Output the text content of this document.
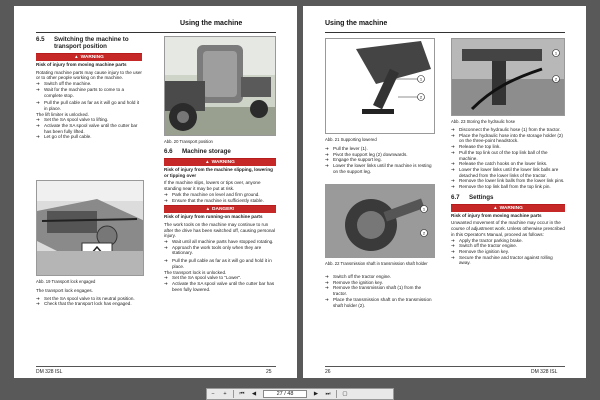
Using the machine
6.5	Switching the machine to
transport position
▲ WARNING
Risk of injury from moving machine parts
Rotating machine parts may cause injury to the user or to other people working on the machine.
➔ Switch off the machine.
➔ Wait for the machine parts to come to a complete stop.
➔ Pull the pull cable as far as it will go and hold it in place.
The lift limiter is unlocked.
➔ Set the SA spool valve to lifting.
➔ Activate the SA spool valve until the cutter bar has been fully lifted.
➔ Let go of the pull cable.
Abb. 19 Transport lock engaged
The transport lock engages.
➔ Set the SA spool valve to its neutral position.
➔ Check that the transport lock has engaged.
Abb. 20 Transport position
6.6	Machine storage
▲ WARNING
Risk of injury from the machine slipping, lowering or tipping over
If the machine slips, lowers or tips over, anyone standing near it may be put at risk.
➔ Park the machine on level and firm ground.
➔ Ensure that the machine is sufficiently stable.
▲ DANGER!
Risk of injury from running-on machine parts
The work tools on the machine may continue to run after the drive has been switched off, causing personal injury.
➔ Wait until all machine parts have stopped rotating.
➔ Approach the work tools only when they are stationary.
➔ Pull the pull cable as far as it will go and hold it in place.
The transport lock is unlocked.
➔ Set the SA spool valve to "Lower".
➔ Activate the SA spool valve until the cutter bar has been fully lowered.
DM 328 ISL	25
Using the machine
1
2
Abb. 21 Supporting lowered
➔ Pull the lever (1).
➔ Pivot the support leg (2) downwards.
➔ Engage the support leg.
➔ Lower the lower links until the machine is resting on the support leg.
1
2
Abb. 22 Transmission shaft in transmission shaft holder
➔ Switch off the tractor engine.
➔ Remove the ignition key.
➔ Remove the transmission shaft (1) from the tractor.
➔ Place the transmission shaft on the transmission shaft holder (2).
1
2
Abb. 23 Storing the hydraulic hose
➔ Disconnect the hydraulic hose (1) from the tractor.
➔ Place the hydraulic hose into the storage holder (2) on the three-point headstock.
➔ Release the top link.
➔ Pull the top link out of the top link ball of the machine.
➔ Release the catch hooks on the lower links.
➔ Lower the lower links until the lower link balls are detached from the lower links of the tractor.
➔ Remove the lower link balls from the lower link pins.
➔ Remove the top link ball from the top link pin.
6.7	Settings
▲ WARNING
Risk of injury from moving machine parts
Unwanted movement of the machine may occur in the course of adjustment work. Unless otherwise prescribed in this Operator's Manual, proceed as follows:
➔ Apply the tractor parking brake.
➔ Switch off the tractor engine.
➔ Remove the ignition key.
➔ Secure the machine and tractor against rolling away.
26	DM 328 ISL
−	+	⏮	◀	27 / 48	▶	⏭	▢
